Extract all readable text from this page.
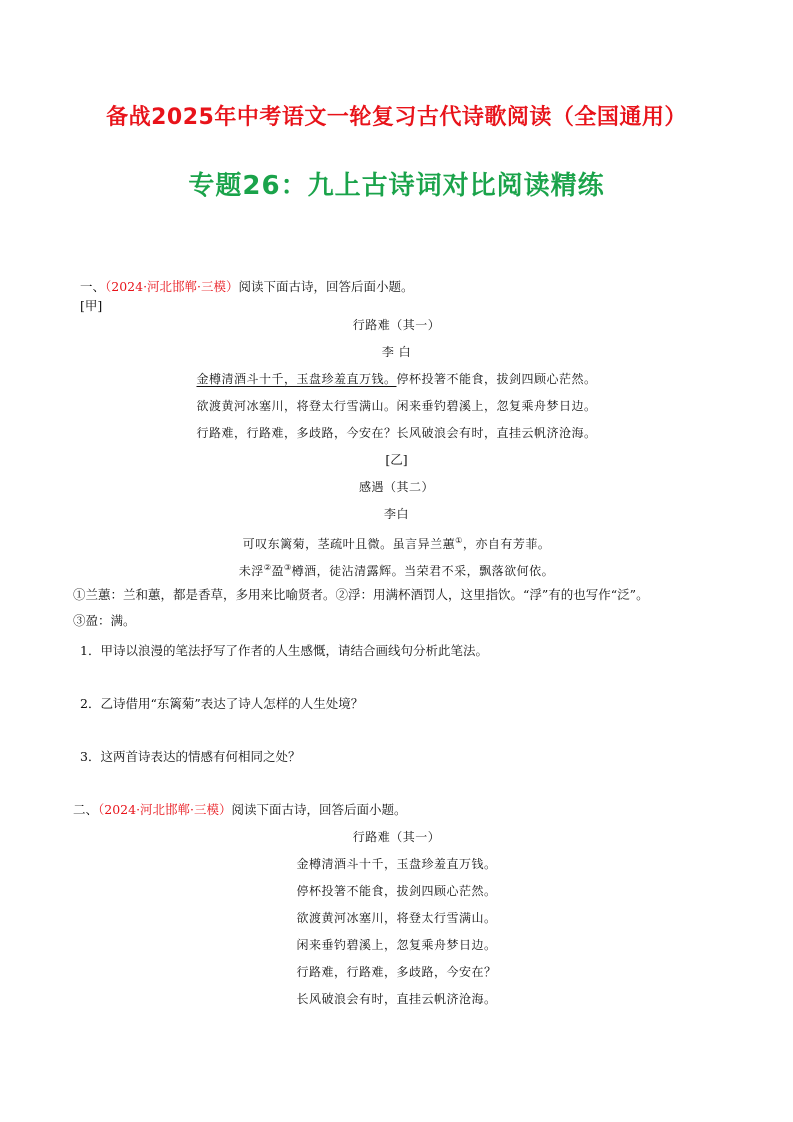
备战2025年中考语文一轮复习古代诗歌阅读（全国通用）
专题26：九上古诗词对比阅读精练
一、（2024·河北邯郸·三模）阅读下面古诗，回答后面小题。
[甲]
行路难（其一）
李 白
金樽清酒斗十千，玉盘珍羞直万钱。停杯投箸不能食，拔剑四顾心茫然。
欲渡黄河冰塞川，将登太行雪满山。闲来垂钓碧溪上，忽复乘舟梦日边。
行路难，行路难，多歧路，今安在？长风破浪会有时，直挂云帆济沧海。
[乙]
感遇（其二）
李白
可叹东篱菊，茎疏叶且微。虽言异兰蕙①，亦自有芳菲。
未浮②盈③樽酒，徒沾清露辉。当荣君不采，飘落欲何依。
①兰蕙：兰和蕙，都是香草，多用来比喻贤者。②浮：用满杯酒罚人，这里指饮。“浮”有的也写作“泛”。
③盈：满。
1．甲诗以浪漫的笔法抒写了作者的人生感慨，请结合画线句分析此笔法。
2．乙诗借用“东篱菊”表达了诗人怎样的人生处境？
3．这两首诗表达的情感有何相同之处？
二、（2024·河北邯郸·三模）阅读下面古诗，回答后面小题。
行路难（其一）
金樽清酒斗十千，玉盘珍羞直万钱。
停杯投箸不能食，拔剑四顾心茫然。
欲渡黄河冰塞川，将登太行雪满山。
闲来垂钓碧溪上，忽复乘舟梦日边。
行路难，行路难，多歧路，今安在？
长风破浪会有时，直挂云帆济沧海。
